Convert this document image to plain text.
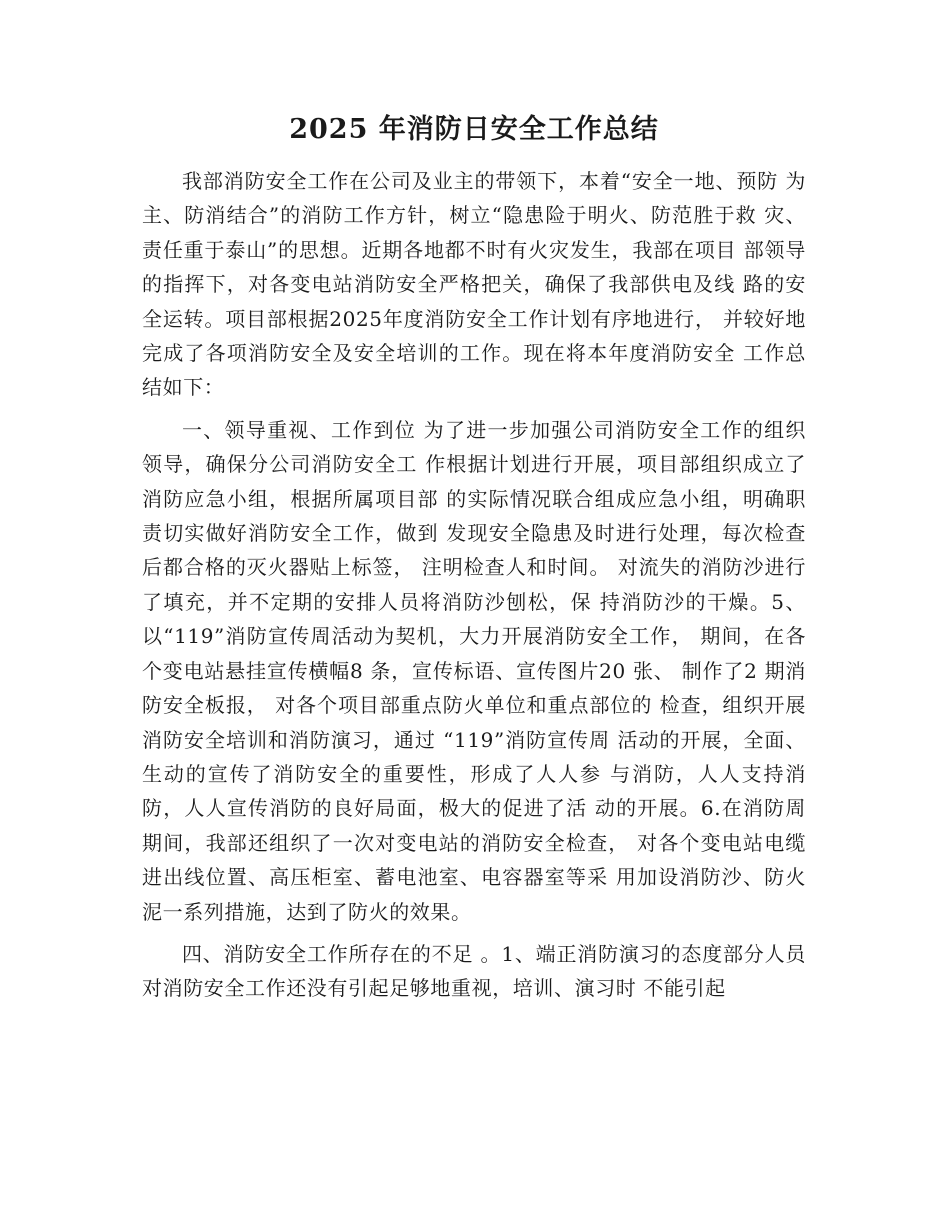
2025 年消防日安全工作总结

我部消防安全工作在公司及业主的带领下，本着“安全一地、预防 为主、防消结合”的消防工作方针，树立“隐患险于明火、防范胜于救 灾、责任重于泰山”的思想。近期各地都不时有火灾发生，我部在项目 部领导的指挥下，对各变电站消防安全严格把关，确保了我部供电及线 路的安全运转。项目部根据2025年度消防安全工作计划有序地进行， 并较好地完成了各项消防安全及安全培训的工作。现在将本年度消防安全 工作总结如下：

一、领导重视、工作到位 为了进一步加强公司消防安全工作的组织领导，确保分公司消防安全工 作根据计划进行开展，项目部组织成立了消防应急小组，根据所属项目部 的实际情况联合组成应急小组，明确职责切实做好消防安全工作，做到 发现安全隐患及时进行处理，每次检查后都合格的灭火器贴上标签， 注明检查人和时间。 对流失的消防沙进行了填充，并不定期的安排人员将消防沙刨松，保 持消防沙的干燥。5、以“119”消防宣传周活动为契机，大力开展消防安全工作， 期间，在各个变电站悬挂宣传横幅8 条，宣传标语、宣传图片20 张、 制作了2 期消防安全板报， 对各个项目部重点防火单位和重点部位的 检查，组织开展消防安全培训和消防演习，通过 “119”消防宣传周 活动的开展，全面、生动的宣传了消防安全的重要性，形成了人人参 与消防，人人支持消防，人人宣传消防的良好局面，极大的促进了活 动的开展。6.在消防周期间，我部还组织了一次对变电站的消防安全检查， 对各个变电站电缆进出线位置、高压柜室、蓄电池室、电容器室等采 用加设消防沙、防火泥一系列措施，达到了防火的效果。

四、消防安全工作所存在的不足 。1、端正消防演习的态度部分人员对消防安全工作还没有引起足够地重视，培训、演习时 不能引起
